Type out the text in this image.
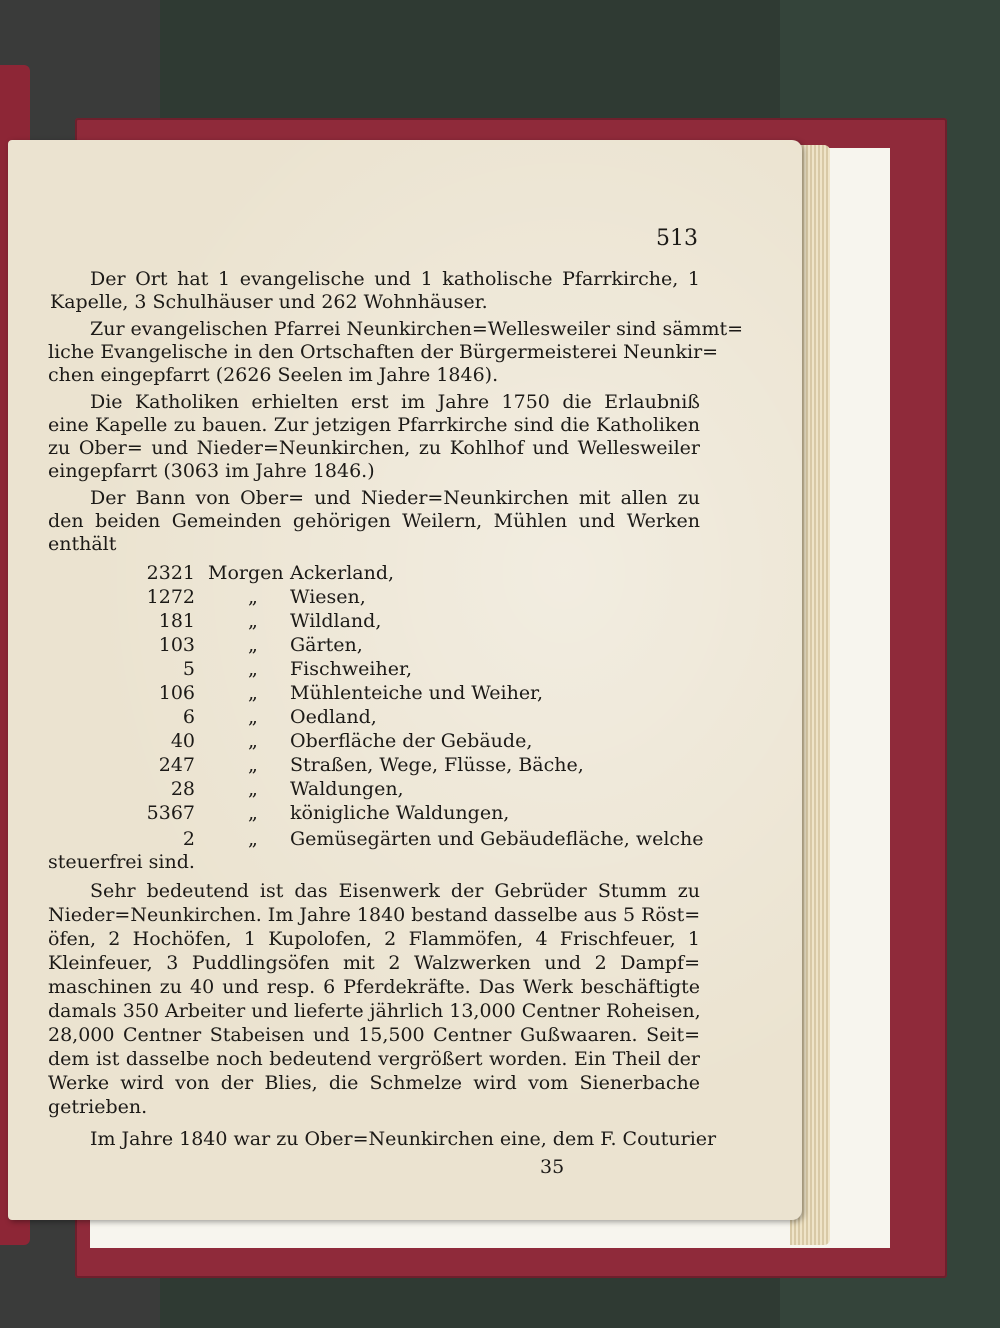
513
Der Ort hat 1 evangelische und 1 katholische Pfarrkirche, 1
Kapelle, 3 Schulhäuser und 262 Wohnhäuser.
Zur evangelischen Pfarrei Neunkirchen=Wellesweiler sind sämmt=
liche Evangelische in den Ortschaften der Bürgermeisterei Neunkir=
chen eingepfarrt (2626 Seelen im Jahre 1846).
Die Katholiken erhielten erst im Jahre 1750 die Erlaubniß
eine Kapelle zu bauen. Zur jetzigen Pfarrkirche sind die Katholiken
zu Ober= und Nieder=Neunkirchen, zu Kohlhof und Wellesweiler
eingepfarrt (3063 im Jahre 1846.)
Der Bann von Ober= und Nieder=Neunkirchen mit allen zu
den beiden Gemeinden gehörigen Weilern, Mühlen und Werken
enthält
2321 Morgen Ackerland,
1272	„ Wiesen,
181	„ Wildland,
103	„ Gärten,
5	„ Fischweiher,
106	„ Mühlenteiche und Weiher,
6	„ Oedland,
40	„ Oberfläche der Gebäude,
247	„ Straßen, Wege, Flüsse, Bäche,
28	„ Waldungen,
5367	„ königliche Waldungen,
2	„ Gemüsegärten und Gebäudefläche, welche
steuerfrei sind.
Sehr bedeutend ist das Eisenwerk der Gebrüder Stumm zu
Nieder=Neunkirchen. Im Jahre 1840 bestand dasselbe aus 5 Röst=
öfen, 2 Hochöfen, 1 Kupolofen, 2 Flammöfen, 4 Frischfeuer, 1
Kleinfeuer, 3 Puddlingsöfen mit 2 Walzwerken und 2 Dampf=
maschinen zu 40 und resp. 6 Pferdekräfte. Das Werk beschäftigte
damals 350 Arbeiter und lieferte jährlich 13,000 Centner Roheisen,
28,000 Centner Stabeisen und 15,500 Centner Gußwaaren. Seit=
dem ist dasselbe noch bedeutend vergrößert worden. Ein Theil der
Werke wird von der Blies, die Schmelze wird vom Sienerbache
getrieben.
Im Jahre 1840 war zu Ober=Neunkirchen eine, dem F. Couturier
35
